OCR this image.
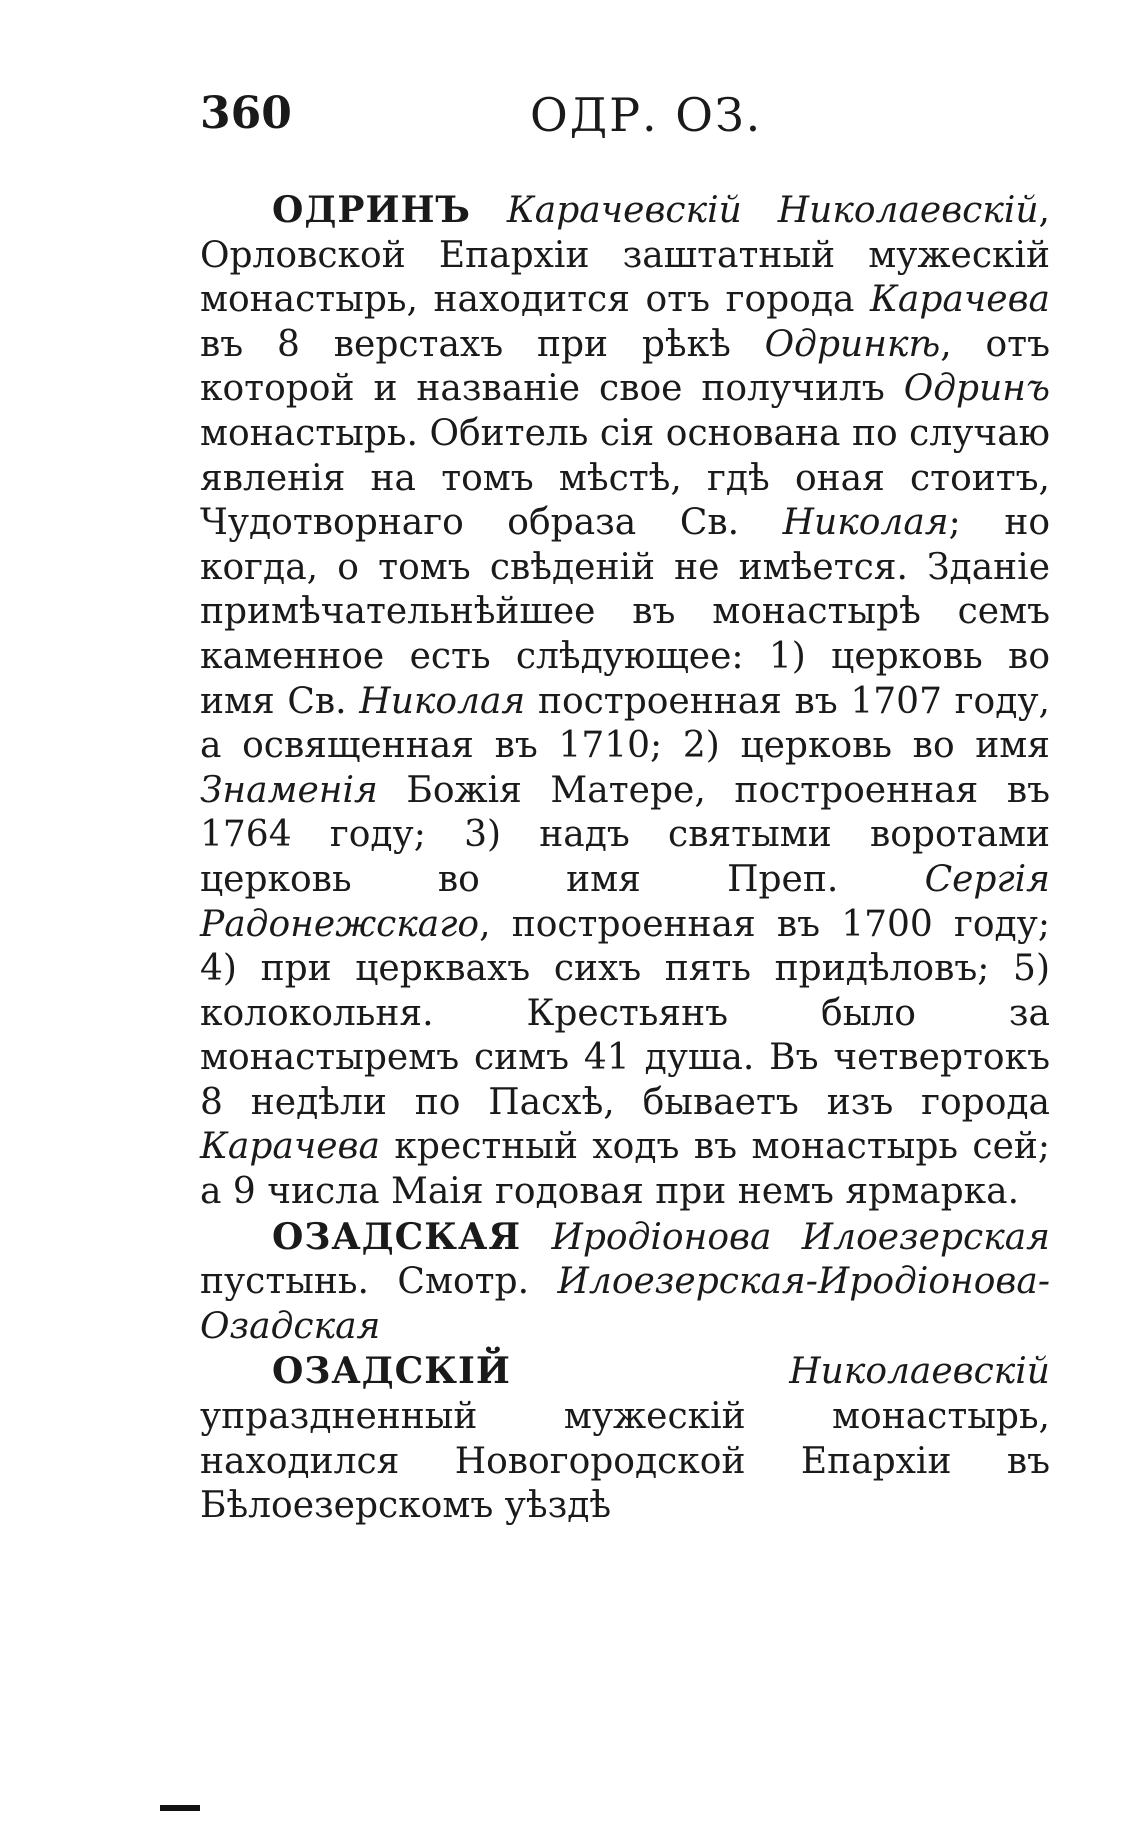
360	ОДР. ОЗ.

ОДРИНЪ Карачевскiй Николаевскiй, Орловской Епархiи заштатный мужескiй монастырь, находится отъ города Карачева въ 8 верстахъ при рѣкѣ Одринкѣ, отъ которой и названiе свое получилъ Одринъ монастырь. Обитель сiя основана по случаю явленiя на томъ мѣстѣ, гдѣ оная стоитъ, Чудотворнаго образа Св. Николая; но когда, о томъ свѣденiй не имѣется. Зданiе примѣчательнѣйшее въ монастырѣ семъ каменное есть слѣдующее: 1) церковь во имя Св. Николая построенная въ 1707 году, а освященная въ 1710; 2) церковь во имя Знаменiя Божiя Матере, построенная въ 1764 году; 3) надъ святыми воротами церковь во имя Преп. Сергiя Радонежскаго, построенная въ 1700 году; 4) при церквахъ сихъ пять придѣловъ; 5) колокольня. Крестьянъ было за монастыремъ симъ 41 душа. Въ четвертокъ 8 недѣли по Пасхѣ, бываетъ изъ города Карачева крестный ходъ въ монастырь сей; а 9 числа Маiя годовая при немъ ярмарка.

ОЗАДСКАЯ Иродiонова Илоезерская пустынь. Смотр. Илоезерская-Иродiонова-Озадская

ОЗАДСКIЙ	Николаевскiй упраздненный мужескiй монастырь, находился Новогородской Епархiи въ Бѣлоезерскомъ уѣздѣ
